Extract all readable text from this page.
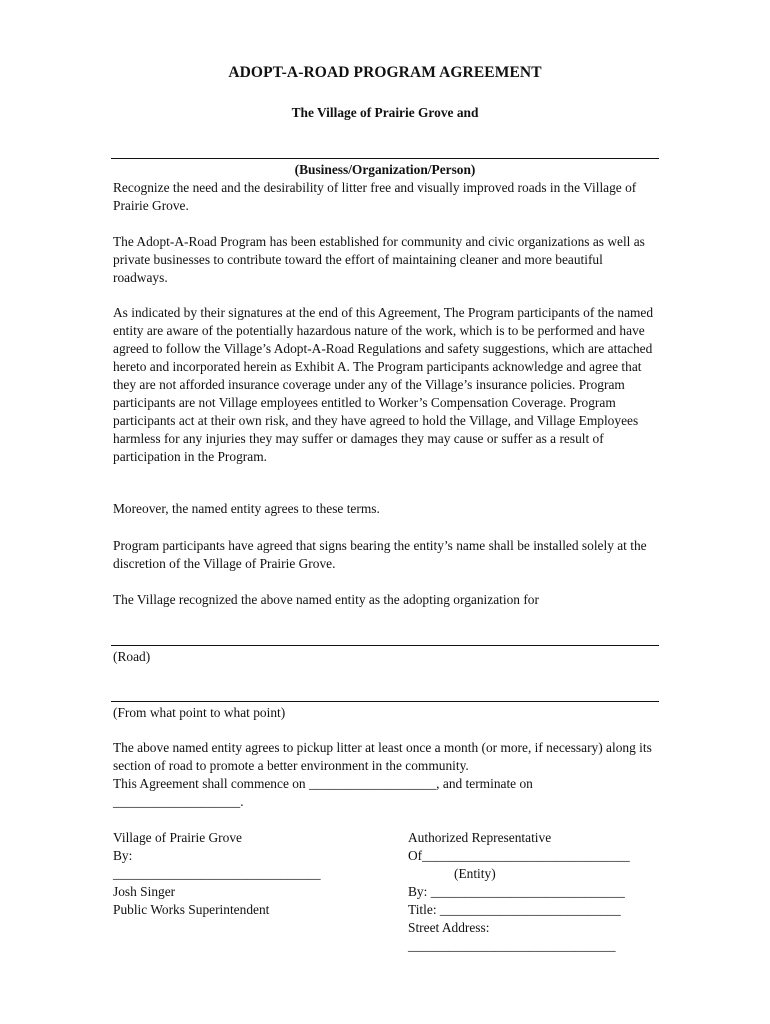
ADOPT-A-ROAD PROGRAM AGREEMENT
The Village of Prairie Grove and
(Business/Organization/Person)

Recognize the need and the desirability of litter free and visually improved roads in the Village of Prairie Grove.

The Adopt-A-Road Program has been established for community and civic organizations as well as private businesses to contribute toward the effort of maintaining cleaner and more beautiful roadways.

As indicated by their signatures at the end of this Agreement, The Program participants of the named entity are aware of the potentially hazardous nature of the work, which is to be performed and have agreed to follow the Village’s Adopt-A-Road Regulations and safety suggestions, which are attached hereto and incorporated herein as Exhibit A. The Program participants acknowledge and agree that they are not afforded insurance coverage under any of the Village’s insurance policies. Program participants are not Village employees entitled to Worker’s Compensation Coverage. Program participants act at their own risk, and they have agreed to hold the Village, and Village Employees harmless for any injuries they may suffer or damages they may cause or suffer as a result of participation in the Program.

Moreover, the named entity agrees to these terms.

Program participants have agreed that signs bearing the entity’s name shall be installed solely at the discretion of the Village of Prairie Grove.

The Village recognized the above named entity as the adopting organization for

(Road)
(From what point to what point)

The above named entity agrees to pickup litter at least once a month (or more, if necessary) along its section of road to promote a better environment in the community.

This Agreement shall commence on ___________________, and terminate on

___________________.

Village of Prairie Grove
By:
_______________________________
Josh Singer
Public Works Superintendent
Authorized Representative
Of_______________________________
(Entity)
By: _____________________________
Title: ___________________________
Street Address:
_______________________________
